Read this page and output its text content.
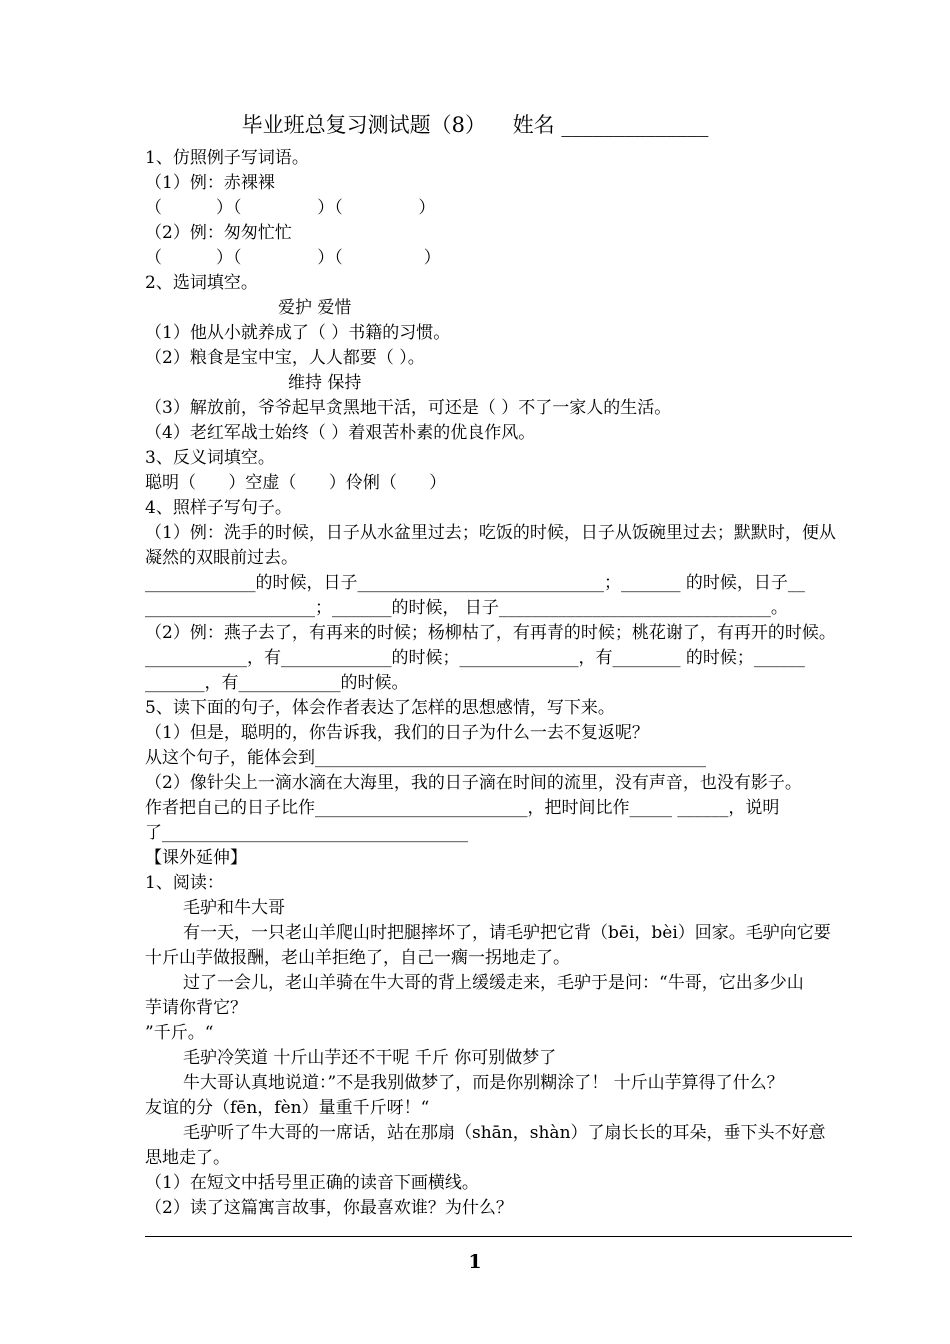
毕业班总复习测试题（8）    姓名 ______________
1、仿照例子写词语。
（1）例：赤裸裸
（          ）（              ）（              ）
（2）例：匆匆忙忙
（          ）（              ）（               ）
2、选词填空。
爱护 爱惜
（1）他从小就养成了（ ）书籍的习惯。
（2）粮食是宝中宝，人人都要（ ）。
维持 保持
（3）解放前，爷爷起早贪黑地干活，可还是（ ）不了一家人的生活。
（4）老红军战士始终（ ）着艰苦朴素的优良作风。
3、反义词填空。
聪明（      ）空虚（      ）伶俐（      ）
4、照样子写句子。
（1）例：洗手的时候，日子从水盆里过去；吃饭的时候，日子从饭碗里过去；默默时，便从
凝然的双眼前过去。
_____________的时候，日子_____________________________；_______ 的时候，日子__
____________________；_______的时候， 日子________________________________。
（2）例：燕子去了，有再来的时候；杨柳枯了，有再青的时候；桃花谢了，有再开的时候。
____________，有_____________的时候；______________，有________ 的时候；______
_______，有____________的时候。
5、读下面的句子，体会作者表达了怎样的思想感情，写下来。
（1）但是，聪明的，你告诉我，我们的日子为什么一去不复返呢？
从这个句子，能体会到______________________________________________
（2）像针尖上一滴水滴在大海里，我的日子滴在时间的流里，没有声音，也没有影子。
作者把自己的日子比作_________________________，把时间比作_____ ______，说明
了____________________________________
【课外延伸】
1、阅读：
毛驴和牛大哥
有一天，一只老山羊爬山时把腿摔坏了，请毛驴把它背（bēi，bèi）回家。毛驴向它要
十斤山芋做报酬，老山羊拒绝了，自己一瘸一拐地走了。
过了一会儿，老山羊骑在牛大哥的背上缓缓走来，毛驴于是问：“牛哥，它出多少山
芋请你背它？
”千斤。“
毛驴冷笑道 十斤山芋还不干呢 千斤 你可别做梦了
牛大哥认真地说道：”不是我别做梦了，而是你别糊涂了！ 十斤山芋算得了什么？
友谊的分（fēn，fèn）量重千斤呀！“
毛驴听了牛大哥的一席话，站在那扇（shān，shàn）了扇长长的耳朵，垂下头不好意
思地走了。
（1）在短文中括号里正确的读音下画横线。
（2）读了这篇寓言故事，你最喜欢谁？为什么？
1
